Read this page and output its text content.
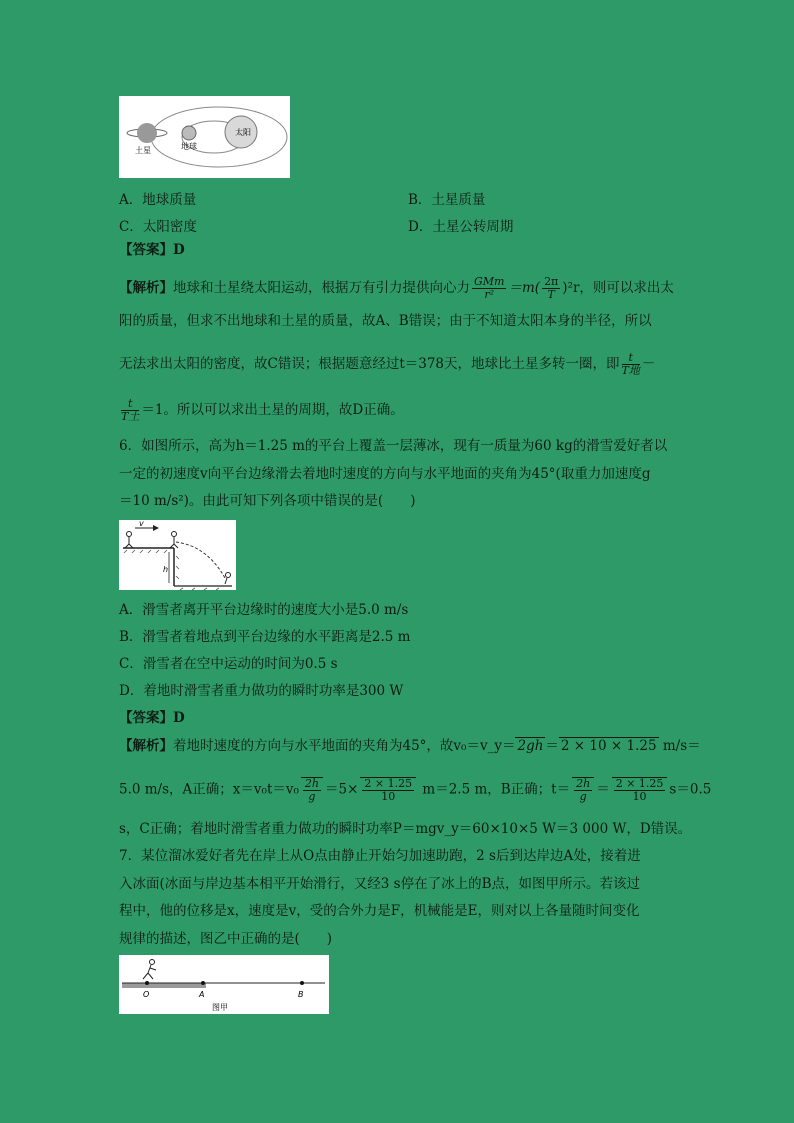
太阳
地球
土星
A．地球质量	B．土星质量
C．太阳密度	D．土星公转周期
【答案】D
【解析】地球和土星绕太阳运动，根据万有引力提供向心力 $\frac{\text{GMm}}{\text{r²}} =m( \frac{2\pi}{T} )^2r$，则可以求出太
阳的质量，但求不出地球和土星的质量，故A、B错误；由于不知道太阳本身的半径，所以
无法求出太阳的密度，故C错误；根据题意经过t＝378天，地球比土星多转一圈，即 $\frac{t}{\text{T地}}$ －
$\frac{t}{\text{T土}} =1$。所以可以求出土星的周期，故D正确。
6．如图所示，高为h＝1.25 m的平台上覆盖一层薄冰，现有一质量为60 kg的滑雪爱好者以
一定的初速度v向平台边缘滑去着地时速度的方向与水平地面的夹角为45°(取重力加速度g
＝10 m/s²)。由此可知下列各项中错误的是(　　)
v
h
A．滑雪者离开平台边缘时的速度大小是5.0 m/s
B．滑雪者着地点到平台边缘的水平距离是2.5 m
C．滑雪者在空中运动的时间为0.5 s
D．着地时滑雪者重力做功的瞬时功率是300 W
【答案】D
【解析】着地时速度的方向与水平地面的夹角为45°，故v₀＝v_y＝ 2gh ＝ 2 × 10 × 1.25 m/s＝
5.0 m/s，A正确；$x=v_0t=v_0 \frac{2h}{g} =5\times \frac{2 \times 1.25}{10} m=2.5$ m，B正确；$t= \frac{2h}{g} = \frac{2 \times 1.25}{10} s=0.5$
s，C正确；着地时滑雪者重力做功的瞬时功率P＝mgv_y＝60×10×5 W＝3 000 W，D错误。
7．某位溜冰爱好者先在岸上从O点由静止开始匀加速助跑，2 s后到达岸边A处，接着进
入冰面(冰面与岸边基本相平开始滑行，又经3 s停在了冰上的B点，如图甲所示。若该过
程中，他的位移是x，速度是v，受的合外力是F，机械能是E，则对以上各量随时间变化
规律的描述，图乙中正确的是(　　)
O	A	B
图甲
